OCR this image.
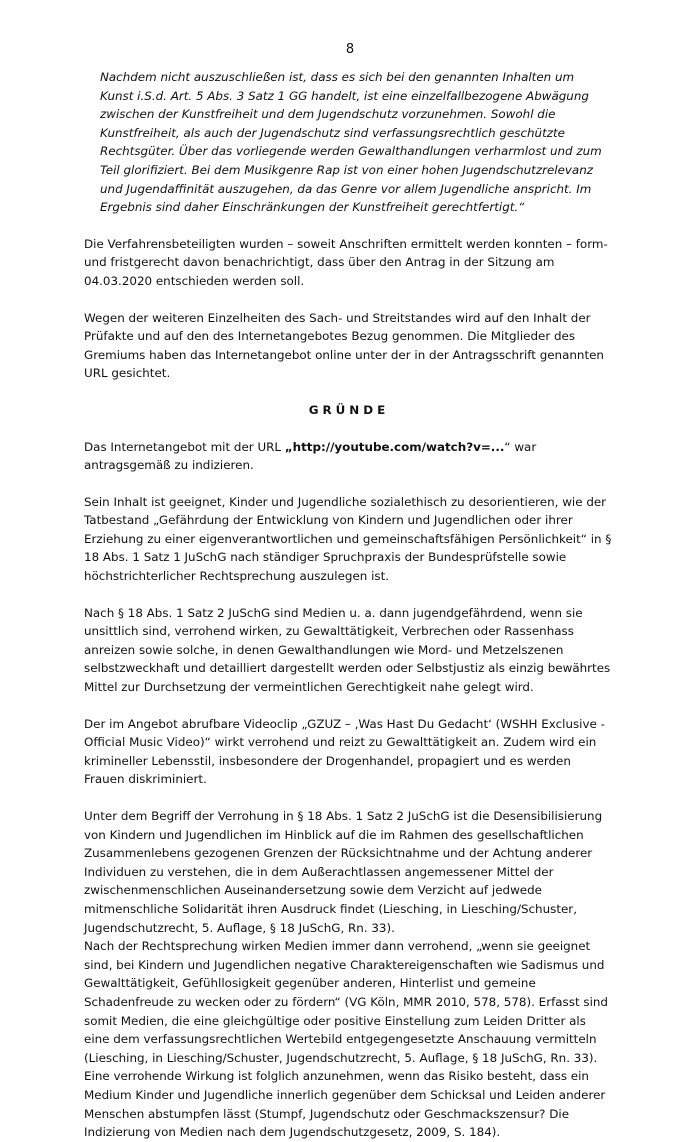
8

Nachdem nicht auszuschließen ist, dass es sich bei den genannten Inhalten um Kunst i.S.d. Art. 5 Abs. 3 Satz 1 GG handelt, ist eine einzelfallbezogene Abwägung zwischen der Kunstfreiheit und dem Jugendschutz vorzunehmen. Sowohl die Kunstfreiheit, als auch der Jugendschutz sind verfassungsrechtlich geschützte Rechtsgüter. Über das vorliegende werden Gewalthandlungen verharmlost und zum Teil glorifiziert. Bei dem Musikgenre Rap ist von einer hohen Jugendschutzrelevanz und Jugendaffinität auszugehen, da das Genre vor allem Jugendliche anspricht. Im Ergebnis sind daher Einschränkungen der Kunstfreiheit gerechtfertigt.“

Die Verfahrensbeteiligten wurden – soweit Anschriften ermittelt werden konnten – form- und fristgerecht davon benachrichtigt, dass über den Antrag in der Sitzung am 04.03.2020 entschieden werden soll.

Wegen der weiteren Einzelheiten des Sach- und Streitstandes wird auf den Inhalt der Prüfakte und auf den des Internetangebotes Bezug genommen. Die Mitglieder des Gremiums haben das Internetangebot online unter der in der Antragsschrift genannten URL gesichtet.

GRÜNDE

Das Internetangebot mit der URL „http://youtube.com/watch?v=...“ war antragsgemäß zu indizieren.

Sein Inhalt ist geeignet, Kinder und Jugendliche sozialethisch zu desorientieren, wie der Tatbestand „Gefährdung der Entwicklung von Kindern und Jugendlichen oder ihrer Erziehung zu einer eigenverantwortlichen und gemeinschaftsfähigen Persönlichkeit“ in § 18 Abs. 1 Satz 1 JuSchG nach ständiger Spruchpraxis der Bundesprüfstelle sowie höchstrichterlicher Rechtsprechung auszulegen ist.

Nach § 18 Abs. 1 Satz 2 JuSchG sind Medien u. a. dann jugendgefährdend, wenn sie unsittlich sind, verrohend wirken, zu Gewalttätigkeit, Verbrechen oder Rassenhass anreizen sowie solche, in denen Gewalthandlungen wie Mord- und Metzelszenen selbstzweckhaft und detailliert dargestellt werden oder Selbstjustiz als einzig bewährtes Mittel zur Durchsetzung der vermeintlichen Gerechtigkeit nahe gelegt wird.

Der im Angebot abrufbare Videoclip „GZUZ – ‚Was Hast Du Gedacht‘ (WSHH Exclusive - Official Music Video)“ wirkt verrohend und reizt zu Gewalttätigkeit an. Zudem wird ein krimineller Lebensstil, insbesondere der Drogenhandel, propagiert und es werden Frauen diskriminiert.

Unter dem Begriff der Verrohung in § 18 Abs. 1 Satz 2 JuSchG ist die Desensibilisierung von Kindern und Jugendlichen im Hinblick auf die im Rahmen des gesellschaftlichen Zusammenlebens gezogenen Grenzen der Rücksichtnahme und der Achtung anderer Individuen zu verstehen, die in dem Außerachtlassen angemessener Mittel der zwischenmenschlichen Auseinandersetzung sowie dem Verzicht auf jedwede mitmenschliche Solidarität ihren Ausdruck findet (Liesching, in Liesching/Schuster, Jugendschutzrecht, 5. Auflage, § 18 JuSchG, Rn. 33).

Nach der Rechtsprechung wirken Medien immer dann verrohend, „wenn sie geeignet sind, bei Kindern und Jugendlichen negative Charaktereigenschaften wie Sadismus und Gewalttätigkeit, Gefühllosigkeit gegenüber anderen, Hinterlist und gemeine Schadenfreude zu wecken oder zu fördern“ (VG Köln, MMR 2010, 578, 578). Erfasst sind somit Medien, die eine gleichgültige oder positive Einstellung zum Leiden Dritter als eine dem verfassungsrechtlichen Wertebild entgegengesetzte Anschauung vermitteln (Liesching, in Liesching/Schuster, Jugendschutzrecht, 5. Auflage, § 18 JuSchG, Rn. 33).

Eine verrohende Wirkung ist folglich anzunehmen, wenn das Risiko besteht, dass ein Medium Kinder und Jugendliche innerlich gegenüber dem Schicksal und Leiden anderer Menschen abstumpfen lässt (Stumpf, Jugendschutz oder Geschmackszensur? Die Indizierung von Medien nach dem Jugendschutzgesetz, 2009, S. 184).
